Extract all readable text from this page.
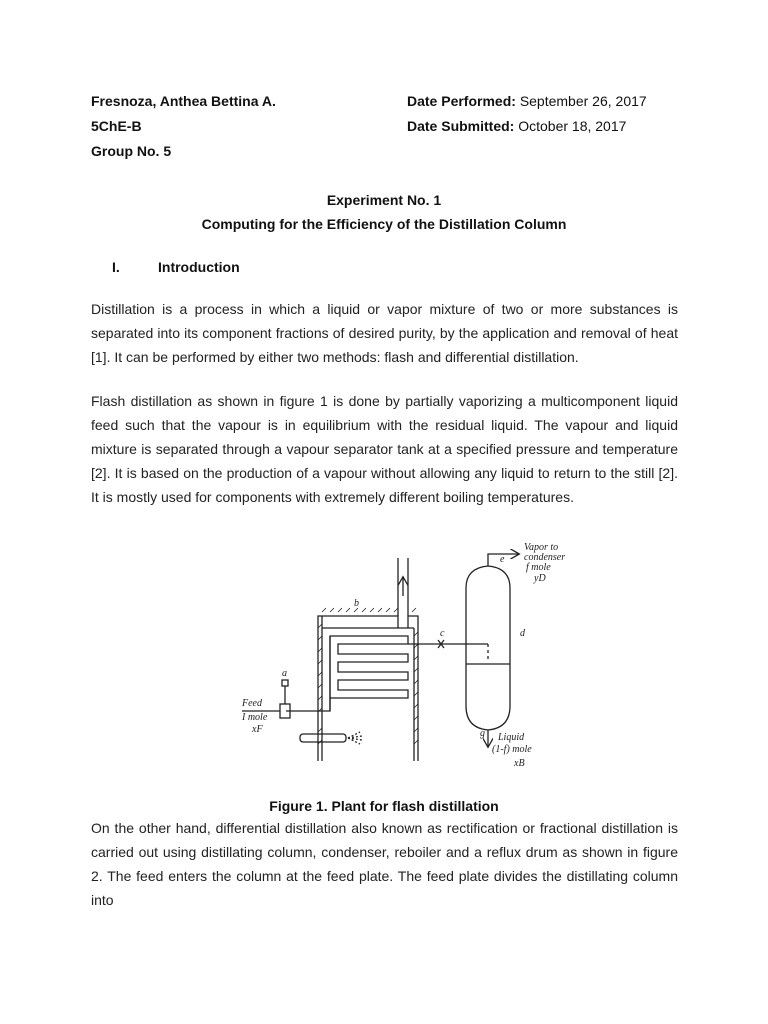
Fresnoza, Anthea Bettina A.
5ChE-B
Group No. 5
Date Performed: September 26, 2017
Date Submitted: October 18, 2017
Experiment No. 1
Computing for the Efficiency of the Distillation Column
I.	Introduction
Distillation is a process in which a liquid or vapor mixture of two or more substances is separated into its component fractions of desired purity, by the application and removal of heat [1]. It can be performed by either two methods: flash and differential distillation.
Flash distillation as shown in figure 1 is done by partially vaporizing a multicomponent liquid feed such that the vapour is in equilibrium with the residual liquid. The vapour and liquid mixture is separated through a vapour separator tank at a specified pressure and temperature [2]. It is based on the production of a vapour without allowing any liquid to return to the still [2]. It is mostly used for components with extremely different boiling temperatures.
Vapor to
condenser
f mole
yD
e
b
c	d
a
Feed
I mole
xF	g Liquid
(1-f) mole
xB
Figure 1. Plant for flash distillation
On the other hand, differential distillation also known as rectification or fractional distillation is carried out using distillating column, condenser, reboiler and a reflux drum as shown in figure 2. The feed enters the column at the feed plate. The feed plate divides the distillating column into
